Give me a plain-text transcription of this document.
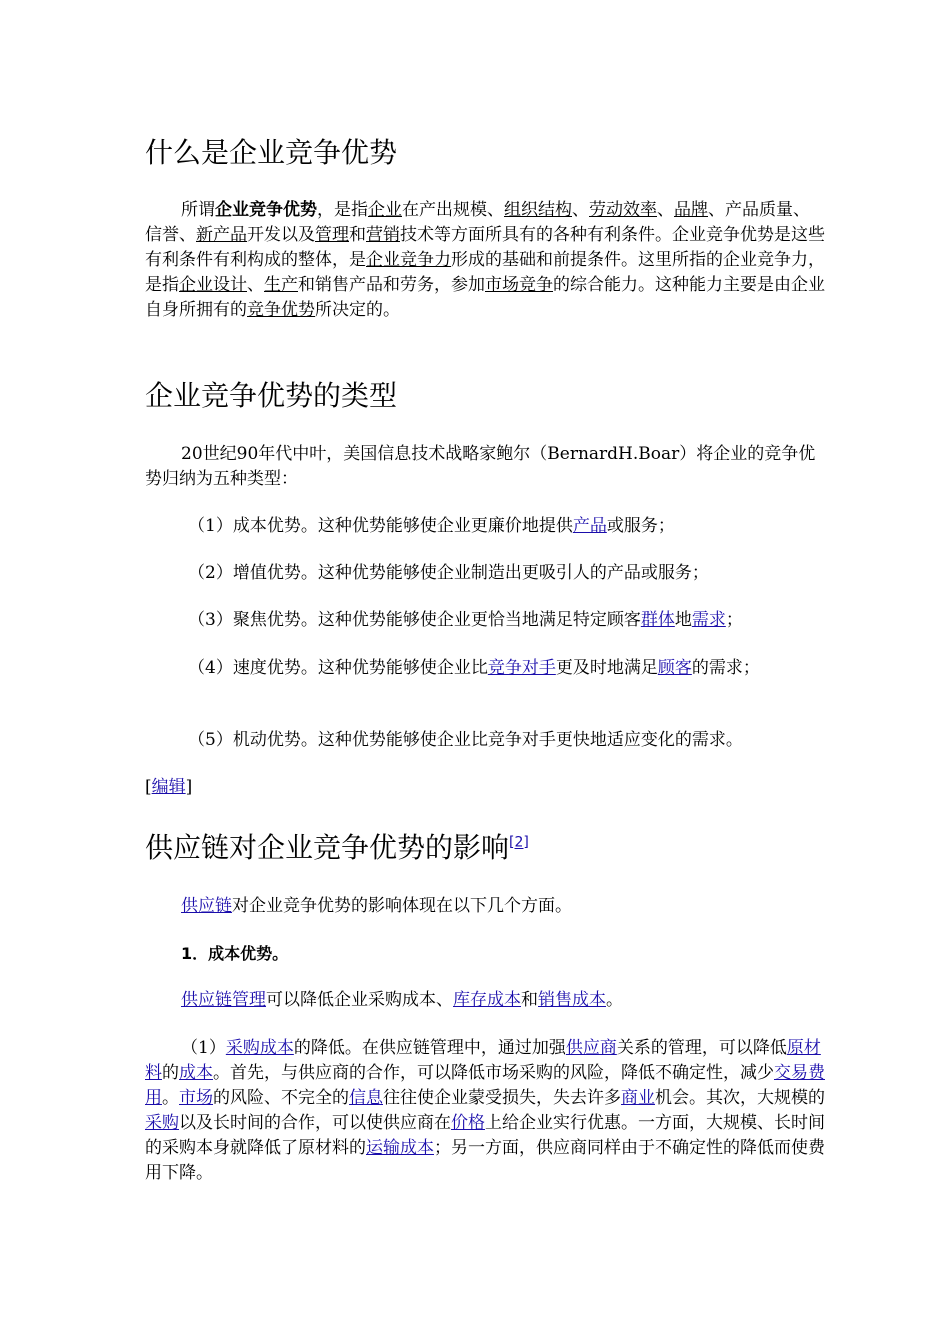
什么是企业竞争优势

所谓企业竞争优势，是指企业在产出规模、组织结构、劳动效率、品牌、产品质量、信誉、新产品开发以及管理和营销技术等方面所具有的各种有利条件。企业竞争优势是这些有利条件有利构成的整体，是企业竞争力形成的基础和前提条件。这里所指的企业竞争力，是指企业设计、生产和销售产品和劳务，参加市场竞争的综合能力。这种能力主要是由企业自身所拥有的竞争优势所决定的。

企业竞争优势的类型

20世纪90年代中叶，美国信息技术战略家鲍尔（BernardH.Boar）将企业的竞争优势归纳为五种类型：

（1）成本优势。这种优势能够使企业更廉价地提供产品或服务；

（2）增值优势。这种优势能够使企业制造出更吸引人的产品或服务；

（3）聚焦优势。这种优势能够使企业更恰当地满足特定顾客群体地需求；

（4）速度优势。这种优势能够使企业比竞争对手更及时地满足顾客的需求；

（5）机动优势。这种优势能够使企业比竞争对手更快地适应变化的需求。

[编辑]

供应链对企业竞争优势的影响[2]

供应链对企业竞争优势的影响体现在以下几个方面。

1．成本优势。

供应链管理可以降低企业采购成本、库存成本和销售成本。

（1）采购成本的降低。在供应链管理中，通过加强供应商关系的管理，可以降低原材料的成本。首先，与供应商的合作，可以降低市场采购的风险，降低不确定性，减少交易费用。市场的风险、不完全的信息往往使企业蒙受损失，失去许多商业机会。其次，大规模的采购以及长时间的合作，可以使供应商在价格上给企业实行优惠。一方面，大规模、长时间的采购本身就降低了原材料的运输成本；另一方面，供应商同样由于不确定性的降低而使费用下降。
